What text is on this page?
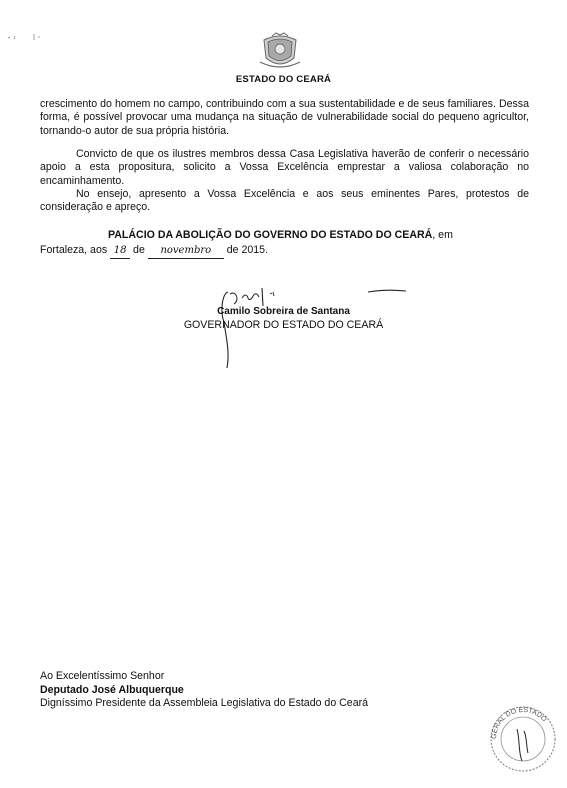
ESTADO DO CEARÁ
crescimento do homem no campo, contribuindo com a sua sustentabilidade e de seus familiares. Dessa forma, é possível provocar uma mudança na situação de vulnerabilidade social do pequeno agricultor, tornando-o autor de sua própria história.
Convicto de que os ilustres membros dessa Casa Legislativa haverão de conferir o necessário apoio a esta propositura, solicito a Vossa Excelência emprestar a valiosa colaboração no encaminhamento.
No ensejo, apresento a Vossa Excelência e aos seus eminentes Pares, protestos de consideração e apreço.
PALÁCIO DA ABOLIÇÃO DO GOVERNO DO ESTADO DO CEARÁ, em
Fortaleza, aos 18 de novembro de 2015.
Camilo Sobreira de Santana
GOVERNADOR DO ESTADO DO CEARÁ
Ao Excelentíssimo Senhor
Deputado José Albuquerque
Digníssimo Presidente da Assembleia Legislativa do Estado do Ceará
GERAL DO ESTADO
